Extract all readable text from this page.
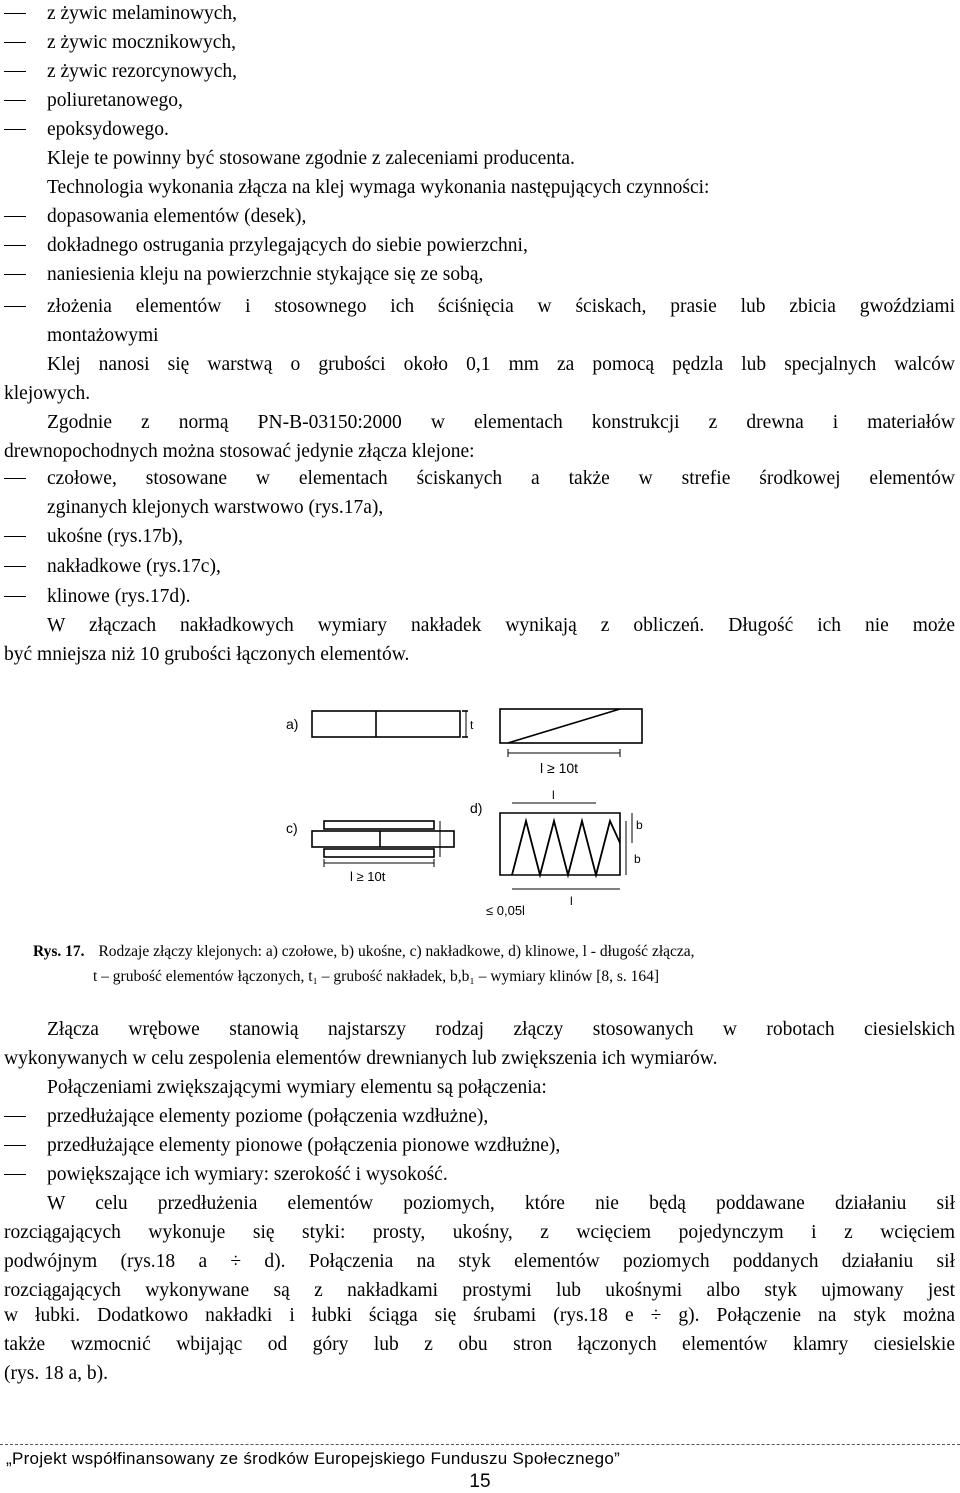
z żywic melaminowych,
z żywic mocznikowych,
z żywic rezorcynowych,
poliuretanowego,
epoksydowego.
Kleje te powinny być stosowane zgodnie z zaleceniami producenta.
Technologia wykonania złącza na klej wymaga wykonania następujących czynności:
dopasowania elementów (desek),
dokładnego ostrugania przylegających do siebie powierzchni,
naniesienia kleju na powierzchnie stykające się ze sobą,
złożenia elementów i stosownego ich ściśnięcia w ściskach, prasie lub zbicia gwoździami
montażowymi
Klej nanosi się warstwą o grubości około 0,1 mm za pomocą pędzla lub specjalnych walców
klejowych.
Zgodnie z normą PN-B-03150:2000 w elementach konstrukcji z drewna i materiałów
drewnopochodnych można stosować jedynie złącza klejone:
czołowe, stosowane w elementach ściskanych a także w strefie środkowej elementów
zginanych klejonych warstwowo (rys.17a),
ukośne (rys.17b),
nakładkowe (rys.17c),
klinowe (rys.17d).
W złączach nakładkowych wymiary nakładek wynikają z obliczeń. Długość ich nie może
być mniejsza niż 10 grubości łączonych elementów.
a)	t
l ≥ 10t
c)
d)
l
b
b
l ≥ 10t
≤ 0,05l
l
Rys. 17. Rodzaje złączy klejonych: a) czołowe, b) ukośne, c) nakładkowe, d) klinowe, l - długość złącza,
t – grubość elementów łączonych, t₁ – grubość nakładek, b,b₁ – wymiary klinów [8, s. 164]
Złącza wrębowe stanowią najstarszy rodzaj złączy stosowanych w robotach ciesielskich
wykonywanych w celu zespolenia elementów drewnianych lub zwiększenia ich wymiarów.
Połączeniami zwiększającymi wymiary elementu są połączenia:
przedłużające elementy poziome (połączenia wzdłużne),
przedłużające elementy pionowe (połączenia pionowe wzdłużne),
powiększające ich wymiary: szerokość i wysokość.
W celu przedłużenia elementów poziomych, które nie będą poddawane działaniu sił
rozciągających wykonuje się styki: prosty, ukośny, z wcięciem pojedynczym i z wcięciem
podwójnym (rys.18 a ÷ d). Połączenia na styk elementów poziomych poddanych działaniu sił
rozciągających wykonywane są z nakładkami prostymi lub ukośnymi albo styk ujmowany jest
w łubki. Dodatkowo nakładki i łubki ściąga się śrubami (rys.18 e ÷ g). Połączenie na styk można
także wzmocnić wbijając od góry lub z obu stron łączonych elementów klamry ciesielskie
(rys. 18 a, b).
„Projekt współfinansowany ze środków Europejskiego Funduszu Społecznego”
15
